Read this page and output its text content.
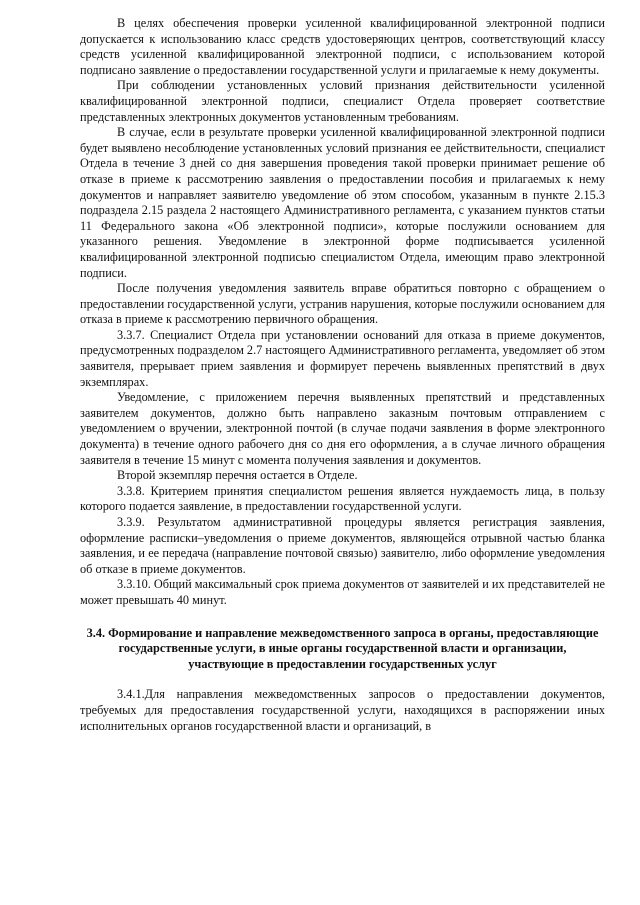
В целях обеспечения проверки усиленной квалифицированной электронной подписи допускается к использованию класс средств удостоверяющих центров, соответствующий классу средств усиленной квалифицированной электронной подписи, с использованием которой подписано заявление о предоставлении государственной услуги и прилагаемые к нему документы.

При соблюдении установленных условий признания действительности усиленной квалифицированной электронной подписи, специалист Отдела проверяет соответствие представленных электронных документов установленным требованиям.

В случае, если в результате проверки усиленной квалифицированной электронной подписи будет выявлено несоблюдение установленных условий признания ее действительности, специалист Отдела в течение 3 дней со дня завершения проведения такой проверки принимает решение об отказе в приеме к рассмотрению заявления о предоставлении пособия и прилагаемых к нему документов и направляет заявителю уведомление об этом способом, указанным в пункте 2.15.3 подраздела 2.15 раздела 2 настоящего Административного регламента, с указанием пунктов статьи 11 Федерального закона «Об электронной подписи», которые послужили основанием для указанного решения. Уведомление в электронной форме подписывается усиленной квалифицированной электронной подписью специалистом Отдела, имеющим право электронной подписи.

После получения уведомления заявитель вправе обратиться повторно с обращением о предоставлении государственной услуги, устранив нарушения, которые послужили основанием для отказа в приеме к рассмотрению первичного обращения.

3.3.7. Специалист Отдела при установлении оснований для отказа в приеме документов, предусмотренных подразделом 2.7 настоящего Административного регламента, уведомляет об этом заявителя, прерывает прием заявления и формирует перечень выявленных препятствий в двух экземплярах.

Уведомление, с приложением перечня выявленных препятствий и представленных заявителем документов, должно быть направлено заказным почтовым отправлением с уведомлением о вручении, электронной почтой (в случае подачи заявления в форме электронного документа) в течение одного рабочего дня со дня его оформления, а в случае личного обращения заявителя в течение 15 минут с момента получения заявления и документов.

Второй экземпляр перечня остается в Отделе.

3.3.8. Критерием принятия специалистом решения является нуждаемость лица, в пользу которого подается заявление, в предоставлении государственной услуги.

3.3.9. Результатом административной процедуры является регистрация заявления, оформление расписки–уведомления о приеме документов, являющейся отрывной частью бланка заявления, и ее передача (направление почтовой связью) заявителю, либо оформление уведомления об отказе в приеме документов.

3.3.10. Общий максимальный срок приема документов от заявителей и их представителей не может превышать 40 минут.

3.4. Формирование и направление межведомственного запроса в органы, предоставляющие государственные услуги, в иные органы государственной власти и организации, участвующие в предоставлении государственных услуг

3.4.1.Для направления межведомственных запросов о предоставлении документов, требуемых для предоставления государственной услуги, находящихся в распоряжении иных исполнительных органов государственной власти и организаций, в
